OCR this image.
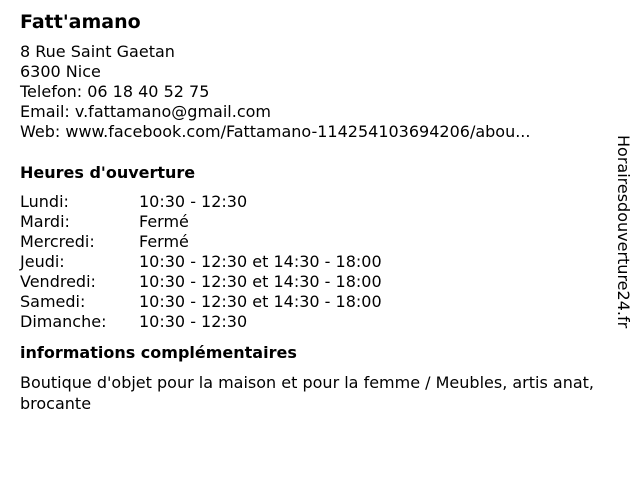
Fatt'amano
8 Rue Saint Gaetan
6300 Nice
Telefon: 06 18 40 52 75
Email: v.fattamano@gmail.com
Web: www.facebook.com/Fattamano-114254103694206/abou...
Heures d'ouverture
Lundi:	10:30 - 12:30
Mardi:	Fermé
Mercredi:	Fermé
Jeudi:	10:30 - 12:30 et 14:30 - 18:00
Vendredi:	10:30 - 12:30 et 14:30 - 18:00
Samedi:	10:30 - 12:30 et 14:30 - 18:00
Dimanche: 10:30 - 12:30
informations complémentaires
Boutique d'objet pour la maison et pour la femme / Meubles, artis anat, brocante
Horairesdouverture24.fr
